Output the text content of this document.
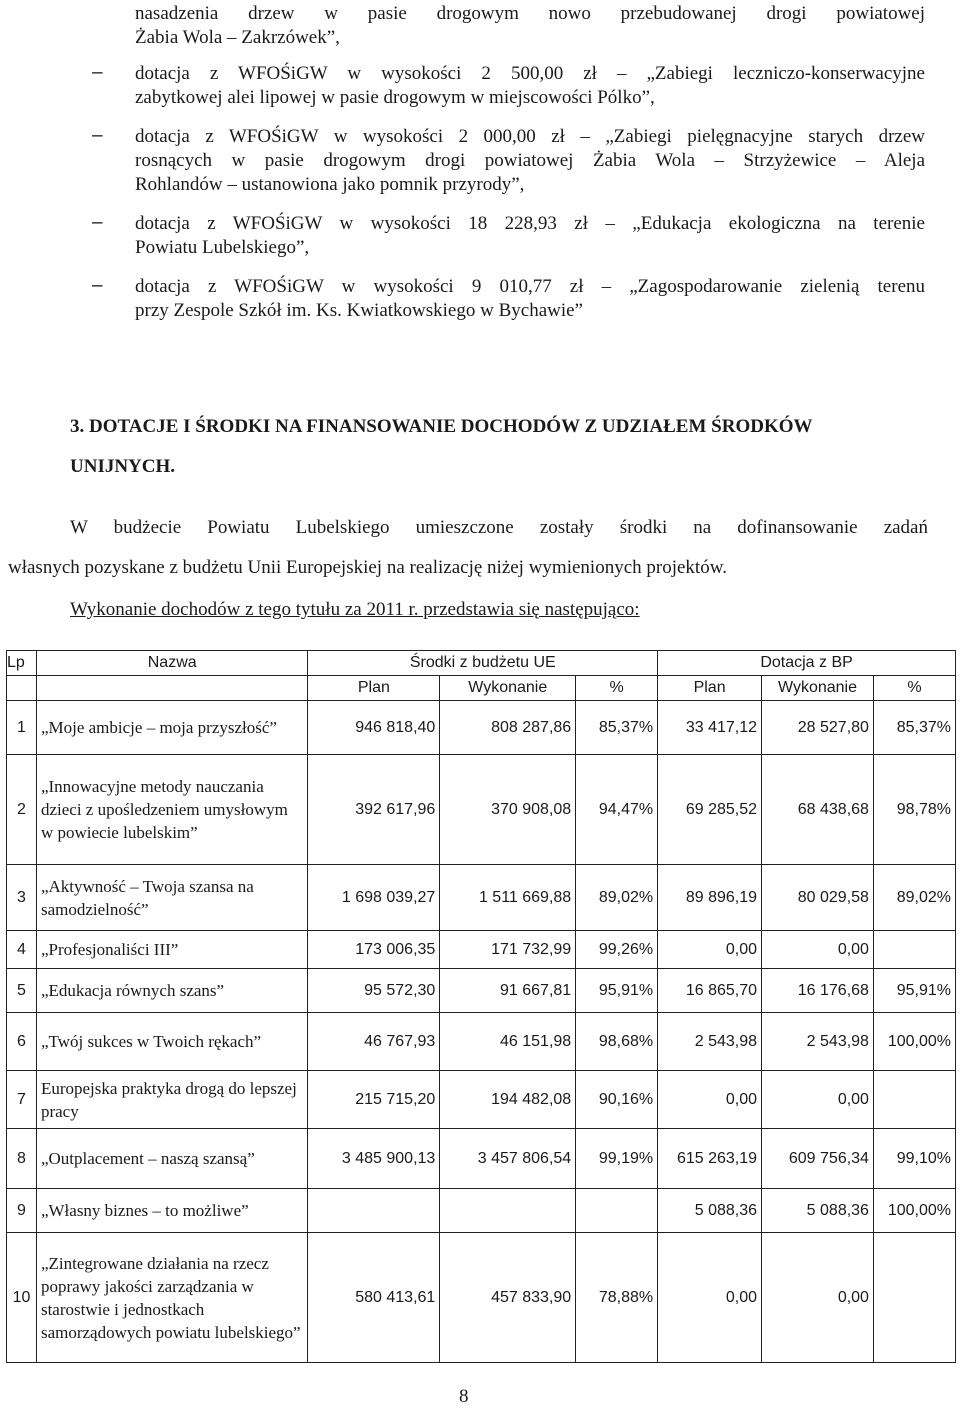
nasadzenia drzew w pasie drogowym nowo przebudowanej drogi powiatowej
Żabia Wola – Zakrzówek”,
–	dotacja z WFOŚiGW w wysokości 2 500,00 zł – „Zabiegi leczniczo-konserwacyjne
zabytkowej alei lipowej w pasie drogowym w miejscowości Pólko”,
–	dotacja z WFOŚiGW w wysokości 2 000,00 zł – „Zabiegi pielęgnacyjne starych drzew
rosnących w pasie drogowym drogi powiatowej Żabia Wola – Strzyżewice – Aleja
Rohlandów – ustanowiona jako pomnik przyrody”,
–	dotacja z WFOŚiGW w wysokości 18 228,93 zł – „Edukacja ekologiczna na terenie
Powiatu Lubelskiego”,
–	dotacja z WFOŚiGW w wysokości 9 010,77 zł – „Zagospodarowanie zielenią terenu
przy Zespole Szkół im. Ks. Kwiatkowskiego w Bychawie”
3. DOTACJE I ŚRODKI NA FINANSOWANIE DOCHODÓW Z UDZIAŁEM ŚRODKÓW
UNIJNYCH.
W budżecie Powiatu Lubelskiego umieszczone zostały środki na dofinansowanie zadań
własnych pozyskane z budżetu Unii Europejskiej na realizację niżej wymienionych projektów.
Wykonanie dochodów z tego tytułu za 2011 r. przedstawia się następująco:
Lp	Nazwa	Środki z budżetu UE			Dotacja z BP		
		Plan	Wykonanie	%	Plan	Wykonanie	%
1	„Moje ambicje – moja przyszłość”	946 818,40	808 287,86	85,37%	33 417,12	28 527,80	85,37%
2	„Innowacyjne metody nauczania dzieci z upośledzeniem umysłowym w powiecie lubelskim”	392 617,96	370 908,08	94,47%	69 285,52	68 438,68	98,78%
3	„Aktywność – Twoja szansa na samodzielność”	1 698 039,27	1 511 669,88	89,02%	89 896,19	80 029,58	89,02%
4	„Profesjonaliści III”	173 006,35	171 732,99	99,26%	0,00	0,00	
5	„Edukacja równych szans”	95 572,30	91 667,81	95,91%	16 865,70	16 176,68	95,91%
6	„Twój sukces w Twoich rękach”	46 767,93	46 151,98	98,68%	2 543,98	2 543,98	100,00%
7	Europejska praktyka drogą do lepszej pracy	215 715,20	194 482,08	90,16%	0,00	0,00	
8	„Outplacement – naszą szansą”	3 485 900,13	3 457 806,54	99,19%	615 263,19	609 756,34	99,10%
9	„Własny biznes – to możliwe”				5 088,36	5 088,36	100,00%
10	„Zintegrowane działania na rzecz poprawy jakości zarządzania w starostwie i jednostkach samorządowych powiatu lubelskiego”	580 413,61	457 833,90	78,88%	0,00	0,00	
8
